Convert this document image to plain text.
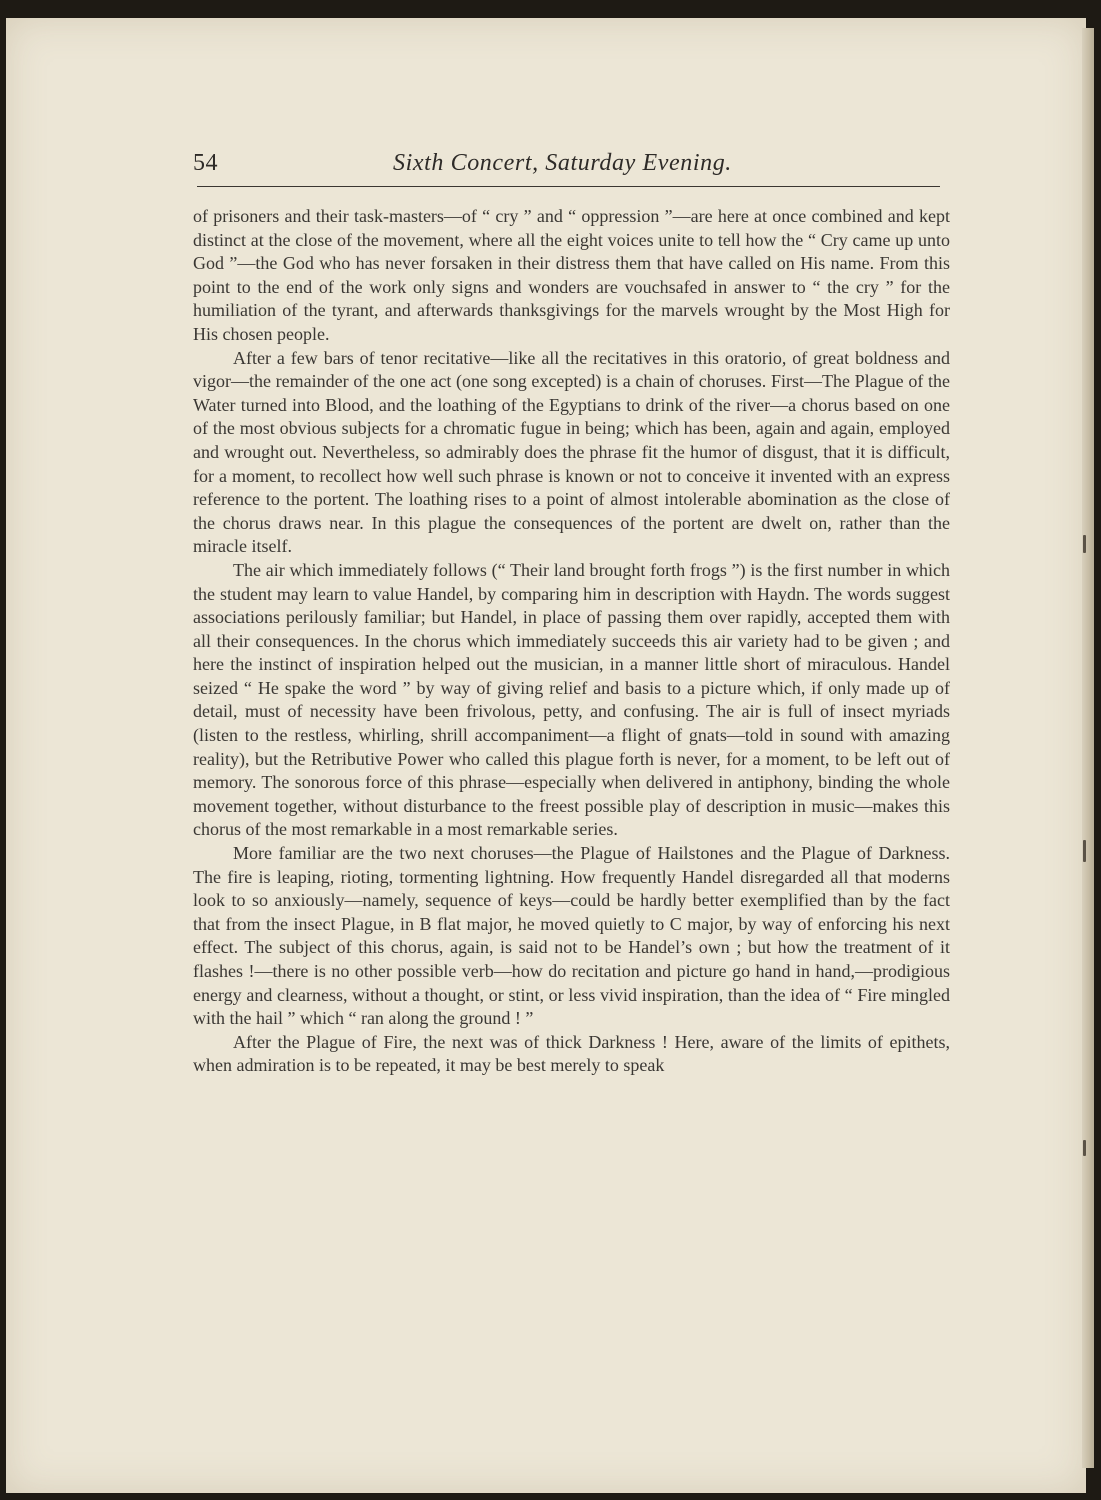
54	Sixth Concert, Saturday Evening.

of prisoners and their task-masters—of “ cry ” and “ oppression ”—are here at once combined and kept distinct at the close of the movement, where all the eight voices unite to tell how the “ Cry came up unto God ”—the God who has never forsaken in their distress them that have called on His name. From this point to the end of the work only signs and wonders are vouchsafed in answer to “ the cry ” for the humiliation of the tyrant, and afterwards thanksgivings for the marvels wrought by the Most High for His chosen people.

After a few bars of tenor recitative—like all the recitatives in this oratorio, of great boldness and vigor—the remainder of the one act (one song excepted) is a chain of choruses. First—The Plague of the Water turned into Blood, and the loathing of the Egyptians to drink of the river—a chorus based on one of the most obvious subjects for a chromatic fugue in being; which has been, again and again, employed and wrought out. Nevertheless, so admirably does the phrase fit the humor of disgust, that it is difficult, for a moment, to recollect how well such phrase is known or not to conceive it invented with an express reference to the portent. The loathing rises to a point of almost intolerable abomination as the close of the chorus draws near. In this plague the consequences of the portent are dwelt on, rather than the miracle itself.

The air which immediately follows (“ Their land brought forth frogs ”) is the first number in which the student may learn to value Handel, by comparing him in description with Haydn. The words suggest associations perilously familiar; but Handel, in place of passing them over rapidly, accepted them with all their consequences. In the chorus which immediately succeeds this air variety had to be given ; and here the instinct of inspiration helped out the musician, in a manner little short of miraculous. Handel seized “ He spake the word ” by way of giving relief and basis to a picture which, if only made up of detail, must of necessity have been frivolous, petty, and confusing. The air is full of insect myriads (listen to the restless, whirling, shrill accompaniment—a flight of gnats—told in sound with amazing reality), but the Retributive Power who called this plague forth is never, for a moment, to be left out of memory. The sonorous force of this phrase—especially when delivered in antiphony, binding the whole movement together, without disturbance to the freest possible play of description in music—makes this chorus of the most remarkable in a most remarkable series.

More familiar are the two next choruses—the Plague of Hailstones and the Plague of Darkness. The fire is leaping, rioting, tormenting lightning. How frequently Handel disregarded all that moderns look to so anxiously—namely, sequence of keys—could be hardly better exemplified than by the fact that from the insect Plague, in B flat major, he moved quietly to C major, by way of enforcing his next effect. The subject of this chorus, again, is said not to be Handel’s own ; but how the treatment of it flashes !—there is no other possible verb—how do recitation and picture go hand in hand,—prodigious energy and clearness, without a thought, or stint, or less vivid inspiration, than the idea of “ Fire mingled with the hail ” which “ ran along the ground ! ”

After the Plague of Fire, the next was of thick Darkness ! Here, aware of the limits of epithets, when admiration is to be repeated, it may be best merely to speak
